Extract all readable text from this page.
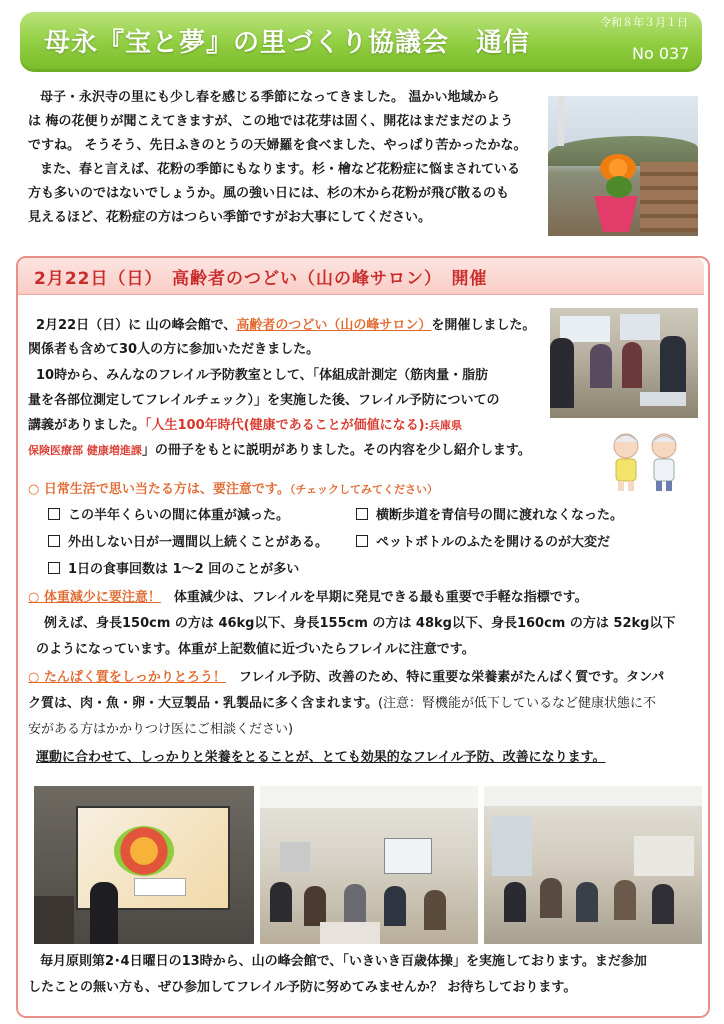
母永『宝と夢』の里づくり協議会　通信
令和８年３月１日
No 037
母子・永沢寺の里にも少し春を感じる季節になってきました。 温かい地域から
は 梅の花便りが聞こえてきますが、この地では花芽は固く、開花はまだまだのよう
ですね。 そうそう、先日ふきのとうの天婦羅を食べました、やっぱり苦かったかな。
また、春と言えば、花粉の季節にもなります。杉・檜など花粉症に悩まされている
方も多いのではないでしょうか。風の強い日には、杉の木から花粉が飛び散るのも
見えるほど、花粉症の方はつらい季節ですがお大事にしてください。
2月22日（日）　高齢者のつどい（山の峰サロン）　開催
2月22日（日）に 山の峰会館で、高齢者のつどい（山の峰サロン）を開催しました。
関係者も含めて30人の方に参加いただきました。
10時から、みんなのフレイル予防教室として、「体組成計測定（筋肉量・脂肪
量を各部位測定してフレイルチェック）」を実施した後、フレイル予防についての
講義がありました。「人生100年時代(健康であることが価値になる):兵庫県
保険医療部 健康増進課」の冊子をもとに説明がありました。その内容を少し紹介します。
○ 日常生活で思い当たる方は、要注意です。（チェックしてみてください）
この半年くらいの間に体重が減った。	横断歩道を青信号の間に渡れなくなった。
外出しない日が一週間以上続くことがある。	ペットボトルのふたを開けるのが大変だ
1日の食事回数は 1～2 回のことが多い
○ 体重減少に要注意！　 体重減少は、フレイルを早期に発見できる最も重要で手軽な指標です。
例えば、身長150cm の方は 46kg以下、身長155cm の方は 48kg以下、身長160cm の方は 52kg以下
のようになっています。体重が上記数値に近づいたらフレイルに注意です。
○ たんぱく質をしっかりとろう！　 フレイル予防、改善のため、特に重要な栄養素がたんぱく質です。タンパ
ク質は、肉・魚・卵・大豆製品・乳製品に多く含まれます。(注意：腎機能が低下しているなど健康状態に不
安がある方はかかりつけ医にご相談ください)
運動に合わせて、しっかりと栄養をとることが、とても効果的なフレイル予防、改善になります。
毎月原則第2･4日曜日の13時から、山の峰会館で、「いきいき百歳体操」を実施しております。まだ参加
したことの無い方も、ぜひ参加してフレイル予防に努めてみませんか？ お待ちしております。
